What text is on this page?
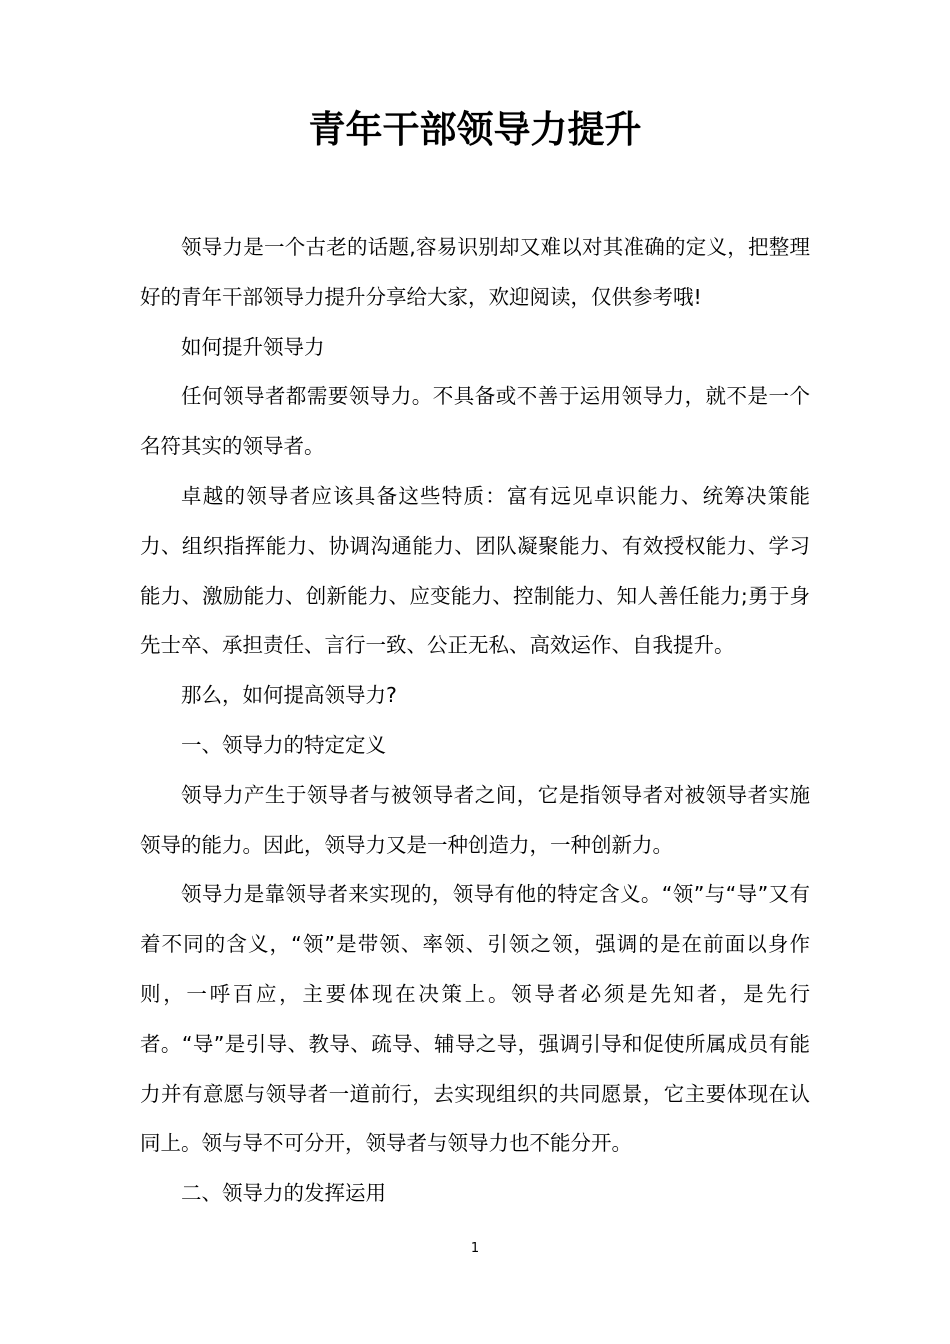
青年干部领导力提升

领导力是一个古老的话题,容易识别却又难以对其准确的定义，把整理好的青年干部领导力提升分享给大家，欢迎阅读，仅供参考哦!

如何提升领导力

任何领导者都需要领导力。不具备或不善于运用领导力，就不是一个名符其实的领导者。

卓越的领导者应该具备这些特质：富有远见卓识能力、统筹决策能力、组织指挥能力、协调沟通能力、团队凝聚能力、有效授权能力、学习能力、激励能力、创新能力、应变能力、控制能力、知人善任能力;勇于身先士卒、承担责任、言行一致、公正无私、高效运作、自我提升。

那么，如何提高领导力?

一、领导力的特定定义

领导力产生于领导者与被领导者之间，它是指领导者对被领导者实施领导的能力。因此，领导力又是一种创造力，一种创新力。

领导力是靠领导者来实现的，领导有他的特定含义。“领”与“导”又有着不同的含义，“领”是带领、率领、引领之领，强调的是在前面以身作则，一呼百应，主要体现在决策上。领导者必须是先知者，是先行者。“导”是引导、教导、疏导、辅导之导，强调引导和促使所属成员有能力并有意愿与领导者一道前行，去实现组织的共同愿景，它主要体现在认同上。领与导不可分开，领导者与领导力也不能分开。

二、领导力的发挥运用

1
